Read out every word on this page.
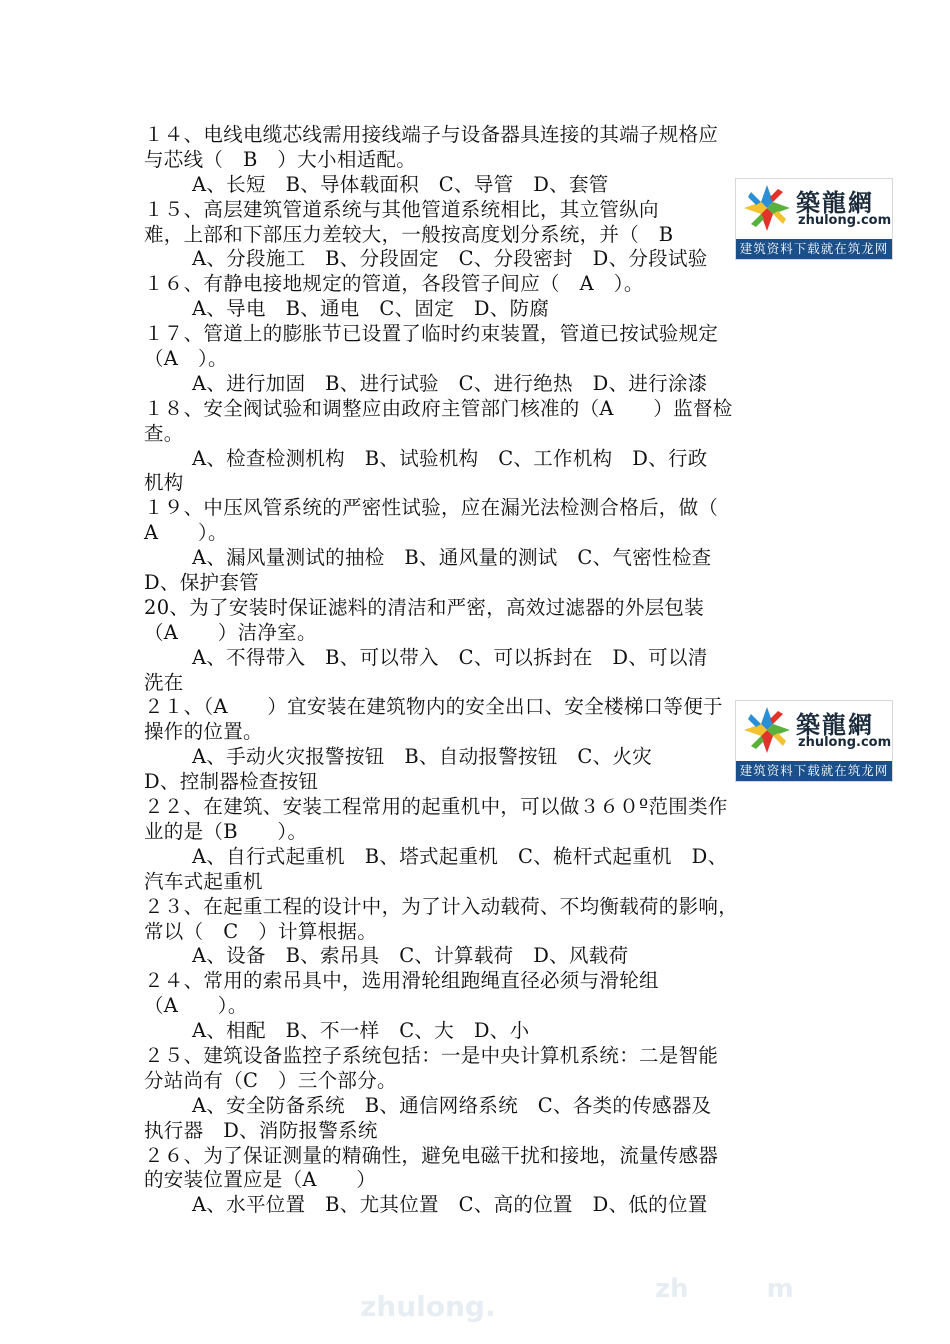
zhulong.
zh　　　m
１４、电线电缆芯线需用接线端子与设备器具连接的其端子规格应
与芯线（　B　）大小相适配。
A、长短　B、导体载面积　C、导管　D、套管
１５、高层建筑管道系统与其他管道系统相比，其立管纵向
难，上部和下部压力差较大，一般按高度划分系统，并（　B
A、分段施工　B、分段固定　C、分段密封　D、分段试验
１６、有静电接地规定的管道，各段管子间应（　A　）。
A、导电　B、通电　C、固定　D、防腐
１７、管道上的膨胀节已设置了临时约束装置，管道已按试验规定
（A　）。
A、进行加固　B、进行试验　C、进行绝热　D、进行涂漆
１８、安全阀试验和调整应由政府主管部门核准的（A　　）监督检
查。
A、检查检测机构　B、试验机构　C、工作机构　D、行政
机构
１９、中压风管系统的严密性试验，应在漏光法检测合格后，做（
A　　）。
A、漏风量测试的抽检　B、通风量的测试　C、气密性检查
D、保护套管
20、为了安装时保证滤料的清洁和严密，高效过滤器的外层包装
（A　　）洁净室。
A、不得带入　B、可以带入　C、可以拆封在　D、可以清
洗在
２１、（A　　）宜安装在建筑物内的安全出口、安全楼梯口等便于
操作的位置。
A、手动火灾报警按钮　B、自动报警按钮　C、火灾
D、控制器检查按钮
２２、在建筑、安装工程常用的起重机中，可以做３６０º范围类作
业的是（B　　）。
A、自行式起重机　B、塔式起重机　C、桅杆式起重机　D、
汽车式起重机
２３、在起重工程的设计中，为了计入动载荷、不均衡载荷的影响，
常以（　C　）计算根据。
A、设备　B、索吊具　C、计算载荷　D、风载荷
２４、常用的索吊具中，选用滑轮组跑绳直径必须与滑轮组
（A　　）。
A、相配　B、不一样　C、大　D、小
２５、建筑设备监控子系统包括：一是中央计算机系统：二是智能
分站尚有（C　）三个部分。
A、安全防备系统　B、通信网络系统　C、各类的传感器及
执行器　D、消防报警系统
２６、为了保证测量的精确性，避免电磁干扰和接地，流量传感器
的安装位置应是（A　　）
A、水平位置　B、尤其位置　C、高的位置　D、低的位置
築龍網
zhulong.com
建筑资料下载就在筑龙网
築龍網
zhulong.com
建筑资料下载就在筑龙网
